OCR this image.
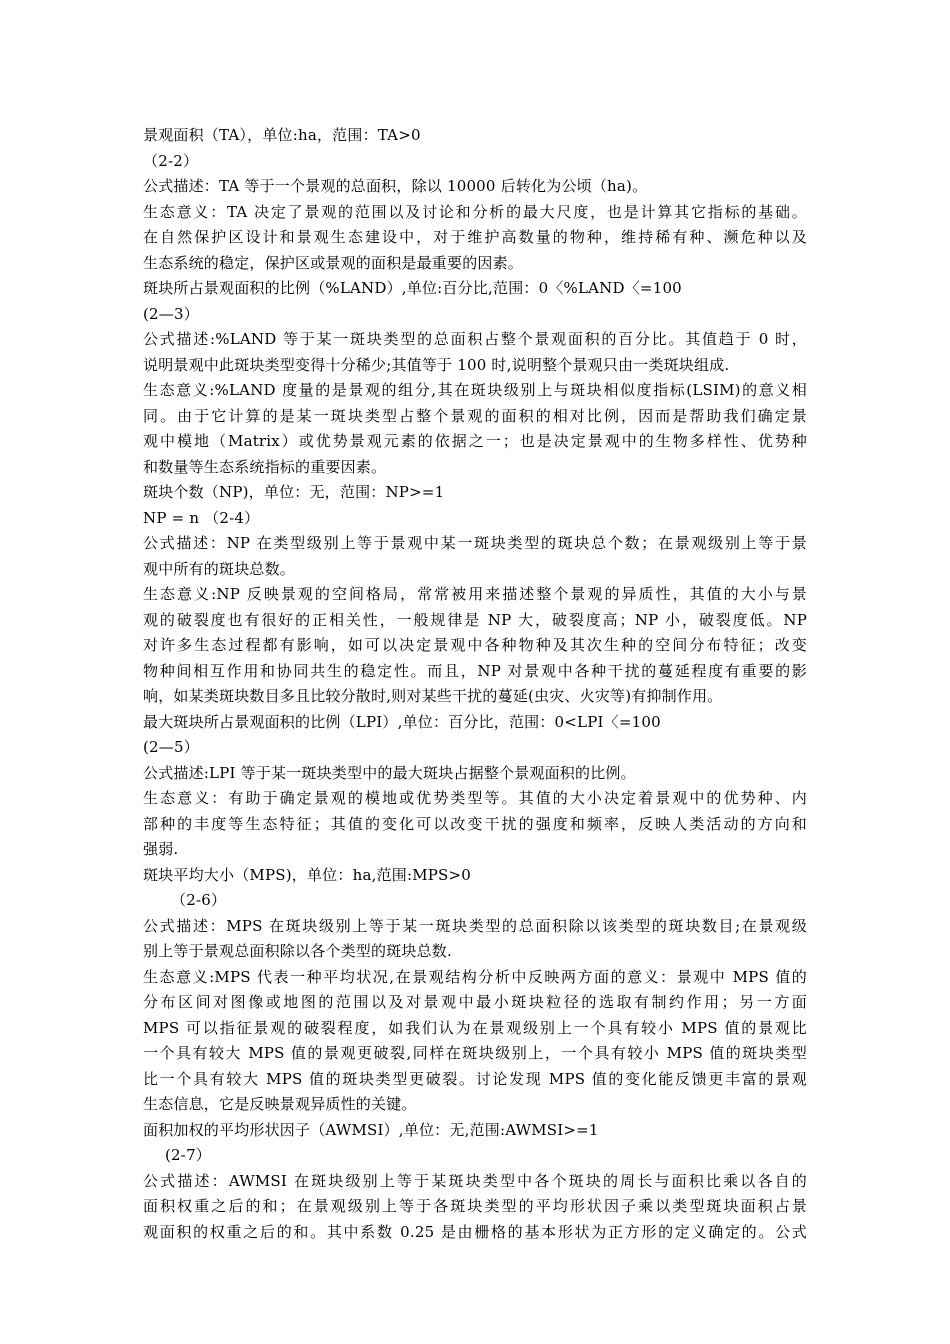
景观面积（TA），单位:ha，范围：TA>0
（2-2）
公式描述：TA 等于一个景观的总面积，除以 10000 后转化为公顷（ha)。
生态意义：TA 决定了景观的范围以及讨论和分析的最大尺度，也是计算其它指标的基础。
在自然保护区设计和景观生态建设中，对于维护高数量的物种，维持稀有种、濒危种以及
生态系统的稳定，保护区或景观的面积是最重要的因素。
斑块所占景观面积的比例（%LAND）,单位:百分比,范围：0〈%LAND〈=100
(2—3）
公式描述:%LAND 等于某一斑块类型的总面积占整个景观面积的百分比。其值趋于 0 时，
说明景观中此斑块类型变得十分稀少;其值等于 100 时,说明整个景观只由一类斑块组成.
生态意义:%LAND 度量的是景观的组分,其在斑块级别上与斑块相似度指标(LSIM)的意义相
同。由于它计算的是某一斑块类型占整个景观的面积的相对比例，因而是帮助我们确定景
观中模地（Matrix）或优势景观元素的依据之一；也是决定景观中的生物多样性、优势种
和数量等生态系统指标的重要因素。
斑块个数（NP)，单位：无，范围：NP>=1
NP = n （2-4）
公式描述：NP 在类型级别上等于景观中某一斑块类型的斑块总个数；在景观级别上等于景
观中所有的斑块总数。
生态意义:NP 反映景观的空间格局，常常被用来描述整个景观的异质性，其值的大小与景
观的破裂度也有很好的正相关性，一般规律是 NP 大，破裂度高；NP 小，破裂度低。NP
对许多生态过程都有影响，如可以决定景观中各种物种及其次生种的空间分布特征；改变
物种间相互作用和协同共生的稳定性。而且，NP 对景观中各种干扰的蔓延程度有重要的影
响，如某类斑块数目多且比较分散时,则对某些干扰的蔓延(虫灾、火灾等)有抑制作用。
最大斑块所占景观面积的比例（LPI）,单位：百分比，范围：0<LPI〈=100
(2—5）
公式描述:LPI 等于某一斑块类型中的最大斑块占据整个景观面积的比例。
生态意义：有助于确定景观的模地或优势类型等。其值的大小决定着景观中的优势种、内
部种的丰度等生态特征；其值的变化可以改变干扰的强度和频率，反映人类活动的方向和
强弱.
斑块平均大小（MPS)，单位：ha,范围:MPS>0
（2-6）
公式描述：MPS 在斑块级别上等于某一斑块类型的总面积除以该类型的斑块数目;在景观级
别上等于景观总面积除以各个类型的斑块总数.
生态意义:MPS 代表一种平均状况,在景观结构分析中反映两方面的意义：景观中 MPS 值的
分布区间对图像或地图的范围以及对景观中最小斑块粒径的选取有制约作用；另一方面
MPS 可以指征景观的破裂程度，如我们认为在景观级别上一个具有较小 MPS 值的景观比
一个具有较大 MPS 值的景观更破裂,同样在斑块级别上，一个具有较小 MPS 值的斑块类型
比一个具有较大 MPS 值的斑块类型更破裂。讨论发现 MPS 值的变化能反馈更丰富的景观
生态信息，它是反映景观异质性的关键。
面积加权的平均形状因子（AWMSI）,单位：无,范围:AWMSI>=1
(2-7）
公式描述：AWMSI 在斑块级别上等于某斑块类型中各个斑块的周长与面积比乘以各自的
面积权重之后的和；在景观级别上等于各斑块类型的平均形状因子乘以类型斑块面积占景
观面积的权重之后的和。其中系数 0.25 是由栅格的基本形状为正方形的定义确定的。公式
